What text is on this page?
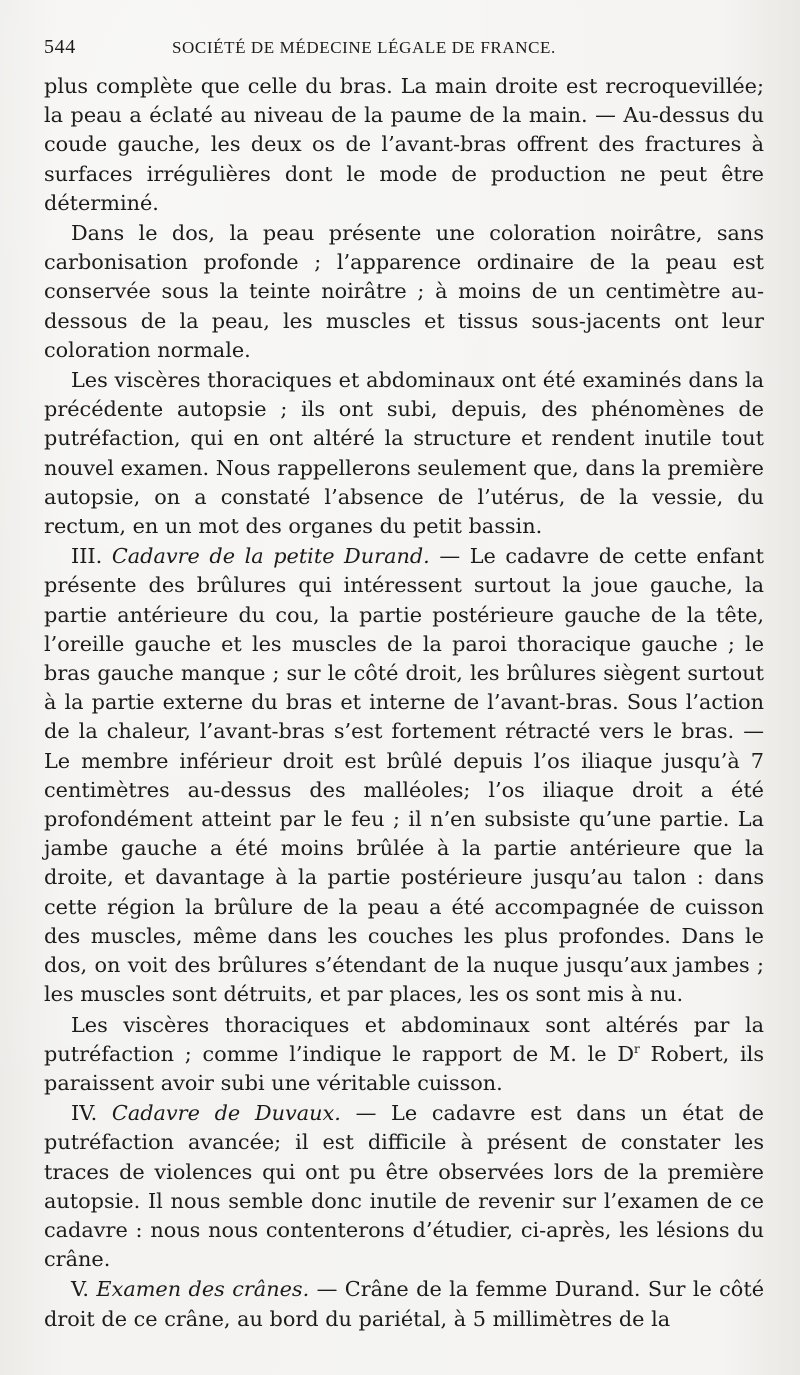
544	SOCIÉTÉ DE MÉDECINE LÉGALE DE FRANCE.

plus complète que celle du bras. La main droite est recroquevillée; la peau a éclaté au niveau de la paume de la main. — Au-dessus du coude gauche, les deux os de l’avant-bras offrent des fractures à surfaces irrégulières dont le mode de production ne peut être déterminé.

Dans le dos, la peau présente une coloration noirâtre, sans carbonisation profonde ; l’apparence ordinaire de la peau est conservée sous la teinte noirâtre ; à moins de un centimètre au-dessous de la peau, les muscles et tissus sous-jacents ont leur coloration normale.

Les viscères thoraciques et abdominaux ont été examinés dans la précédente autopsie ; ils ont subi, depuis, des phénomènes de putréfaction, qui en ont altéré la structure et rendent inutile tout nouvel examen. Nous rappellerons seulement que, dans la première autopsie, on a constaté l’absence de l’utérus, de la vessie, du rectum, en un mot des organes du petit bassin.

III. Cadavre de la petite Durand. — Le cadavre de cette enfant présente des brûlures qui intéressent surtout la joue gauche, la partie antérieure du cou, la partie postérieure gauche de la tête, l’oreille gauche et les muscles de la paroi thoracique gauche ; le bras gauche manque ; sur le côté droit, les brûlures siègent surtout à la partie externe du bras et interne de l’avant-bras. Sous l’action de la chaleur, l’avant-bras s’est fortement rétracté vers le bras. — Le membre inférieur droit est brûlé depuis l’os iliaque jusqu’à 7 centimètres au-dessus des malléoles; l’os iliaque droit a été profondément atteint par le feu ; il n’en subsiste qu’une partie. La jambe gauche a été moins brûlée à la partie antérieure que la droite, et davantage à la partie postérieure jusqu’au talon : dans cette région la brûlure de la peau a été accompagnée de cuisson des muscles, même dans les couches les plus profondes. Dans le dos, on voit des brûlures s’étendant de la nuque jusqu’aux jambes ; les muscles sont détruits, et par places, les os sont mis à nu.

Les viscères thoraciques et abdominaux sont altérés par la putréfaction ; comme l’indique le rapport de M. le $D^r$ Robert, ils paraissent avoir subi une véritable cuisson.

IV. Cadavre de Duvaux. — Le cadavre est dans un état de putréfaction avancée; il est difficile à présent de constater les traces de violences qui ont pu être observées lors de la première autopsie. Il nous semble donc inutile de revenir sur l’examen de ce cadavre : nous nous contenterons d’étudier, ci-après, les lésions du crâne.

V. Examen des crânes. — Crâne de la femme Durand. Sur le côté droit de ce crâne, au bord du pariétal, à 5 millimètres de la
